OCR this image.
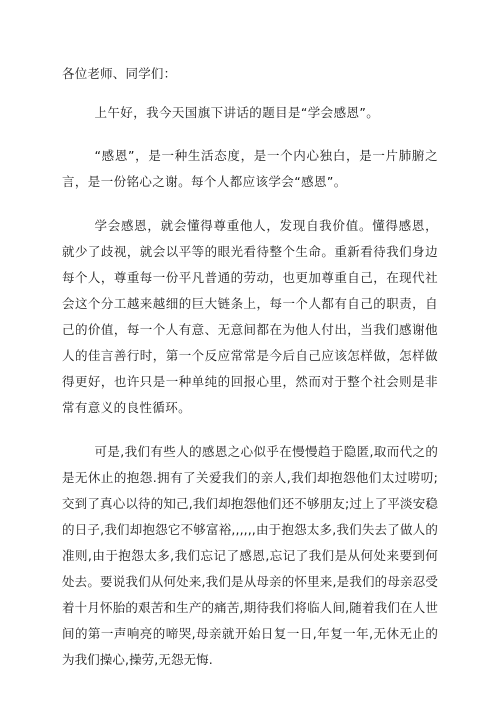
各位老师、同学们：

上午好，我今天国旗下讲话的题目是“学会感恩”。

“感恩”，是一种生活态度，是一个内心独白，是一片肺腑之言，是一份铭心之谢。每个人都应该学会“感恩”。

学会感恩，就会懂得尊重他人，发现自我价值。懂得感恩，就少了歧视，就会以平等的眼光看待整个生命。重新看待我们身边每个人，尊重每一份平凡普通的劳动，也更加尊重自己，在现代社会这个分工越来越细的巨大链条上，每一个人都有自己的职责，自己的价值，每一个人有意、无意间都在为他人付出，当我们感谢他人的佳言善行时，第一个反应常常是今后自己应该怎样做，怎样做得更好，也许只是一种单纯的回报心里，然而对于整个社会则是非常有意义的良性循环。

可是,我们有些人的感恩之心似乎在慢慢趋于隐匿,取而代之的是无休止的抱怨.拥有了关爱我们的亲人,我们却抱怨他们太过唠叨;交到了真心以待的知己,我们却抱怨他们还不够朋友;过上了平淡安稳的日子,我们却抱怨它不够富裕,,,,,,由于抱怨太多,我们失去了做人的准则,由于抱怨太多,我们忘记了感恩,忘记了我们是从何处来要到何处去。要说我们从何处来,我们是从母亲的怀里来,是我们的母亲忍受着十月怀胎的艰苦和生产的痛苦,期待我们将临人间,随着我们在人世间的第一声响亮的啼哭,母亲就开始日复一日,年复一年,无休无止的为我们操心,操劳,无怨无悔.
